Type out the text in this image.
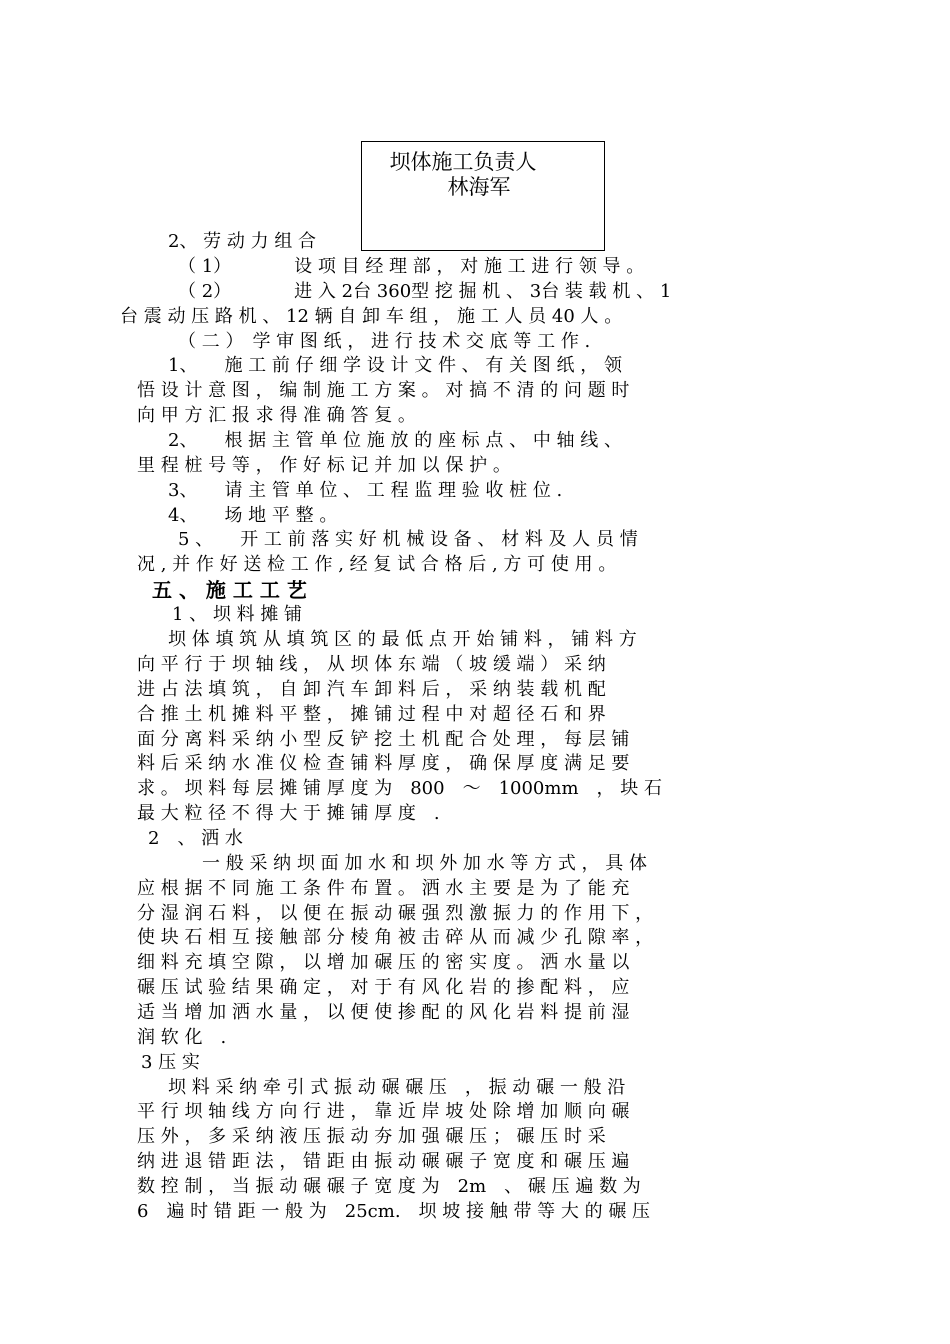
2、 劳 动 力 组 合
（ 1）　　　　设 项 目 经 理 部 ， 对 施 工 进 行 领 导 。
（ 2）　　　　进 入 2台 360型 挖 掘 机 、 3台 装 载 机 、 1
台 震 动 压 路 机 、 12 辆 自 卸 车 组 ， 施 工 人 员 40 人 。
坝体施工负责人
林海军
（ 二 ）　学 审 图 纸 ， 进 行 技 术 交 底 等 工 作 .
1、　　施 工 前 仔 细 学 设 计 文 件 、 有 关 图 纸 ， 领
悟 设 计 意 图 ， 编 制 施 工 方 案 。 对 搞 不 清 的 问 题 时
向 甲 方 汇 报 求 得 准 确 答 复 。
2、　　根 据 主 管 单 位 施 放 的 座 标 点 、 中 轴 线 、
里 程 桩 号 等 ， 作 好 标 记 并 加 以 保 护 。
3、　　请 主 管 单 位 、 工 程 监 理 验 收 桩 位 .
4、　　场 地 平 整 。
5 、　　开 工 前 落 实 好 机 械 设 备 、 材 料 及 人 员 情
况 , 并 作 好 送 检 工 作 , 经 复 试 合 格 后 , 方 可 使 用 。
五 、 施 工 工 艺
1 、 坝 料 摊 铺
坝 体 填 筑 从 填 筑 区 的 最 低 点 开 始 铺 料 ， 铺 料 方
向 平 行 于 坝 轴 线 ， 从 坝 体 东 端 （ 坡 缓 端 ） 采 纳
进 占 法 填 筑 ， 自 卸 汽 车 卸 料 后 ， 采 纳 装 载 机 配
合 推 土 机 摊 料 平 整 ， 摊 铺 过 程 中 对 超 径 石 和 界
面 分 离 料 采 纳 小 型 反 铲 挖 土 机 配 合 处 理 ， 每 层 铺
料 后 采 纳 水 准 仪 检 查 铺 料 厚 度 ， 确 保 厚 度 满 足 要
求 。 坝 料 每 层 摊 铺 厚 度 为　800　～　1000mm　， 块 石
最 大 粒 径 不 得 大 于 摊 铺 厚 度　.
2　、 洒 水
一 般 采 纳 坝 面 加 水 和 坝 外 加 水 等 方 式 ， 具 体
应 根 据 不 同 施 工 条 件 布 置 。 洒 水 主 要 是 为 了 能 充
分 湿 润 石 料 ， 以 便 在 振 动 碾 强 烈 激 振 力 的 作 用 下 ，
使 块 石 相 互 接 触 部 分 棱 角 被 击 碎 从 而 减 少 孔 隙 率 ，
细 料 充 填 空 隙 ， 以 增 加 碾 压 的 密 实 度 。 洒 水 量 以
碾 压 试 验 结 果 确 定 ， 对 于 有 风 化 岩 的 掺 配 料 ， 应
适 当 增 加 洒 水 量 ， 以 便 使 掺 配 的 风 化 岩 料 提 前 湿
润 软 化　.
3 压 实
坝 料 采 纳 牵 引 式 振 动 碾 碾 压　， 振 动 碾 一 般 沿
平 行 坝 轴 线 方 向 行 进 ， 靠 近 岸 坡 处 除 增 加 顺 向 碾
压 外 ， 多 采 纳 液 压 振 动 夯 加 强 碾 压 ； 碾 压 时 采
纳 进 退 错 距 法 ， 错 距 由 振 动 碾 碾 子 宽 度 和 碾 压 遍
数 控 制 ， 当 振 动 碾 碾 子 宽 度 为　2m　、 碾 压 遍 数 为
6　遍 时 错 距 一 般 为　25cm.　坝 坡 接 触 带 等 大 的 碾 压
